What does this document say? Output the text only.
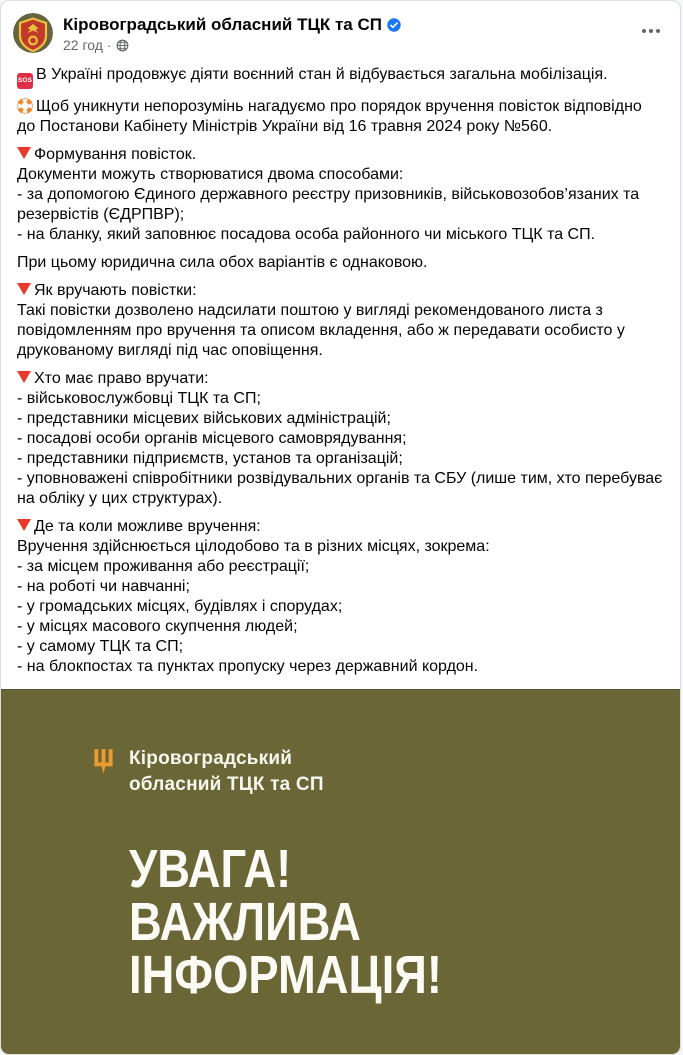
Кіровоградський обласний ТЦК та СП
22 год ·
SOS В Україні продовжує діяти воєнний стан й відбувається загальна мобілізація.
Щоб уникнути непорозумінь нагадуємо про порядок вручення повісток відповідно до Постанови Кабінету Міністрів України від 16 травня 2024 року №560.
Формування повісток.
Документи можуть створюватися двома способами:
- за допомогою Єдиного державного реєстру призовників, військовозобов’язаних та резервістів (ЄДРПВР);
- на бланку, який заповнює посадова особа районного чи міського ТЦК та СП.
При цьому юридична сила обох варіантів є однаковою.
Як вручають повістки:
Такі повістки дозволено надсилати поштою у вигляді рекомендованого листа з повідомленням про вручення та описом вкладення, або ж передавати особисто у друкованому вигляді під час оповіщення.
Хто має право вручати:
- військовослужбовці ТЦК та СП;
- представники місцевих військових адміністрацій;
- посадові особи органів місцевого самоврядування;
- представники підприємств, установ та організацій;
- уповноважені співробітники розвідувальних органів та СБУ (лише тим, хто перебуває на обліку у цих структурах).
Де та коли можливе вручення:
Вручення здійснюється цілодобово та в різних місцях, зокрема:
- за місцем проживання або реєстрації;
- на роботі чи навчанні;
- у громадських місцях, будівлях і спорудах;
- у місцях масового скупчення людей;
- у самому ТЦК та СП;
- на блокпостах та пунктах пропуску через державний кордон.
Кіровоградський
обласний ТЦК та СП
УВАГА!
ВАЖЛИВА
ІНФОРМАЦІЯ!
